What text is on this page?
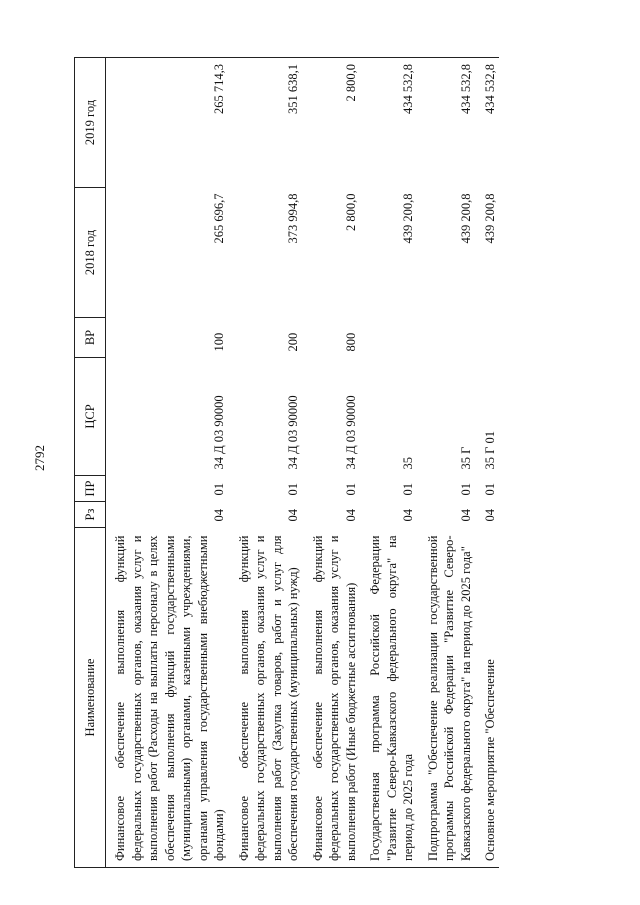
2792
Наименование	Рз	ПР	ЦСР	ВР	2018 год	2019 год
Финансовое обеспечение выполнения функций федеральных государственных органов, оказания услуг и выполнения работ (Расходы на выплаты персоналу в целях обеспечения выполнения функций государственными (муниципальными) органами, казенными учреждениями, органами управления государственными внебюджетными фондами)	04	01	34 Д 03 90000	100	265 696,7	265 714,3
Финансовое обеспечение выполнения функций федеральных государственных органов, оказания услуг и выполнения работ (Закупка товаров, работ и услуг для обеспечения государственных (муниципальных) нужд)	04	01	34 Д 03 90000	200	373 994,8	351 638,1
Финансовое обеспечение выполнения функций федеральных государственных органов, оказания услуг и выполнения работ (Иные бюджетные ассигнования)	04	01	34 Д 03 90000	800	2 800,0	2 800,0
Государственная программа Российской Федерации "Развитие Северо-Кавказского федерального округа" на период до 2025 года	04	01	35		439 200,8	434 532,8
Подпрограмма "Обеспечение реализации государственной программы Российской Федерации "Развитие Северо-Кавказского федерального округа" на период до 2025 года"	04	01	35 Г		439 200,8	434 532,8
Основное мероприятие "Обеспечение	04	01	35 Г 01		439 200,8	434 532,8
